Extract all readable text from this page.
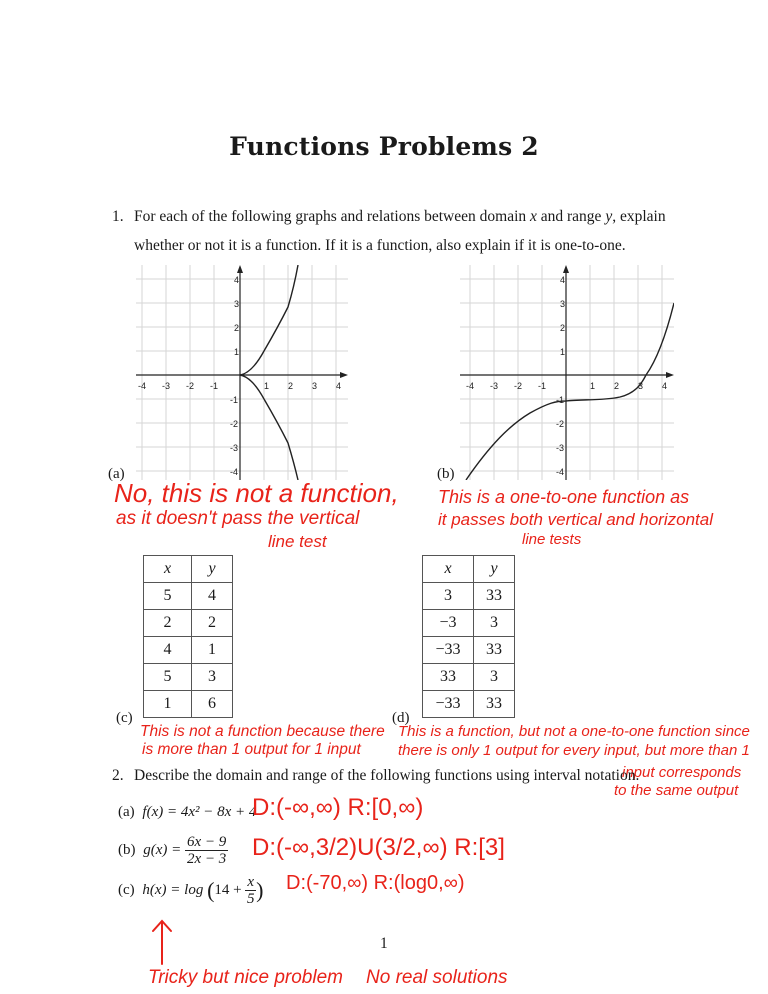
Functions Problems 2
1. For each of the following graphs and relations between domain x and range y, explain
whether or not it is a function. If it is a function, also explain if it is one-to-one.
-4 -3 -2 -1	1 2 3 4
4
3
2
1
-1
-2
-3
-4
(a)
-4 -3 -2 -1	1 2 3 4
4
3
2
1
-1
-2
-3
-4
(b)
No, this is not a function,
as it doesn't pass the vertical
line test
This is a one-to-one function as
it passes both vertical and horizontal
line tests
x	y
5	4
2	2
4	1
5	3
1	6
(c)
x	y
3	33
−3	3
−33	33
33	3
−33	33
(d)
This is not a function because there
is more than 1 output for 1 input
This is a function, but not a one-to-one function since
there is only 1 output for every input, but more than 1
input corresponds
to the same output
2. Describe the domain and range of the following functions using interval notation.
(a) f(x) = 4x² − 8x + 4
D:(-∞,∞) R:[0,∞)
(b) $g(x) = \frac{6x - 9}{2x - 3}$ D:(-∞,3/2)U(3/2,∞) R:[3]
(c) $h(x) = \log (14 + \frac{x}{5}$ ) D:(-70,∞) R:(log0,∞)
1
Tricky but nice problem No real solutions
